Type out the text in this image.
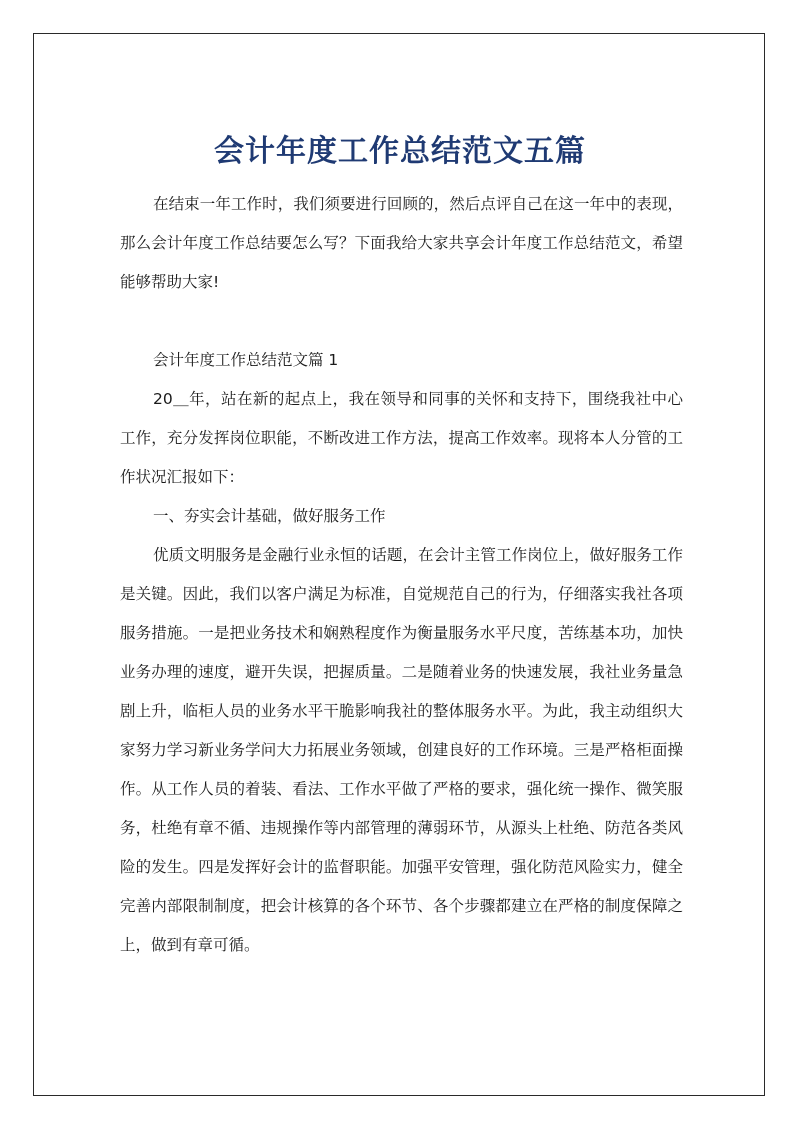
会计年度工作总结范文五篇

在结束一年工作时，我们须要进行回顾的，然后点评自己在这一年中的表现，那么会计年度工作总结要怎么写？下面我给大家共享会计年度工作总结范文，希望能够帮助大家!

会计年度工作总结范文篇 1

20＿年，站在新的起点上，我在领导和同事的关怀和支持下，围绕我社中心工作，充分发挥岗位职能，不断改进工作方法，提高工作效率。现将本人分管的工作状况汇报如下：

一、夯实会计基础，做好服务工作

优质文明服务是金融行业永恒的话题，在会计主管工作岗位上，做好服务工作是关键。因此，我们以客户满足为标准，自觉规范自己的行为，仔细落实我社各项服务措施。一是把业务技术和娴熟程度作为衡量服务水平尺度，苦练基本功，加快业务办理的速度，避开失误，把握质量。二是随着业务的快速发展，我社业务量急剧上升，临柜人员的业务水平干脆影响我社的整体服务水平。为此，我主动组织大家努力学习新业务学问大力拓展业务领域，创建良好的工作环境。三是严格柜面操作。从工作人员的着装、看法、工作水平做了严格的要求，强化统一操作、微笑服务，杜绝有章不循、违规操作等内部管理的薄弱环节，从源头上杜绝、防范各类风险的发生。四是发挥好会计的监督职能。加强平安管理，强化防范风险实力，健全完善内部限制制度，把会计核算的各个环节、各个步骤都建立在严格的制度保障之上，做到有章可循。
